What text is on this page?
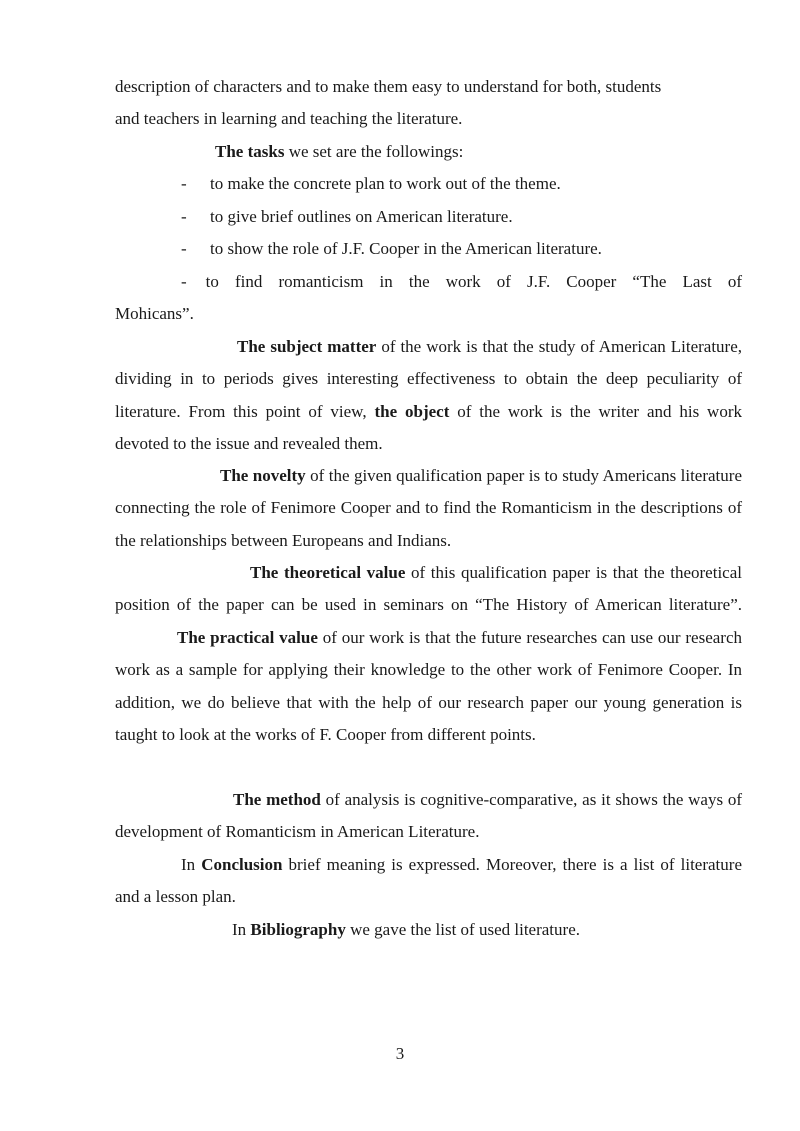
description of characters and to make them easy to understand for both, students
and teachers in learning and teaching the literature.

The tasks we set are the followings:

- to make the concrete plan to work out of the theme.
- to give brief outlines on American literature.
- to show the role of J.F. Cooper in the American literature.

- to find romanticism in the work of J.F. Cooper “The Last of
Mohicans”.

The subject matter of the work is that the study of American Literature, dividing in to periods gives interesting effectiveness to obtain the deep peculiarity of literature. From this point of view, the object of the work is the writer and his work devoted to the issue and revealed them.

The novelty of the given qualification paper is to study Americans literature connecting the role of Fenimore Cooper and to find the Romanticism in the descriptions of the relationships between Europeans and Indians.

The theoretical value of this qualification paper is that the theoretical position of the paper can be used in seminars on “The History of American literature”.The practical value of our work is that the future researches can use our research work as a sample for applying their knowledge to the other work of Fenimore Cooper. In addition, we do believe that with the help of our research paper our young generation is taught to look at the works of F. Cooper from different points.

The method of analysis is cognitive-comparative, as it shows the ways of development of Romanticism in American Literature.

In Conclusion brief meaning is expressed. Moreover, there is a list of literature and a lesson plan.

In Bibliography we gave the list of used literature.

3
